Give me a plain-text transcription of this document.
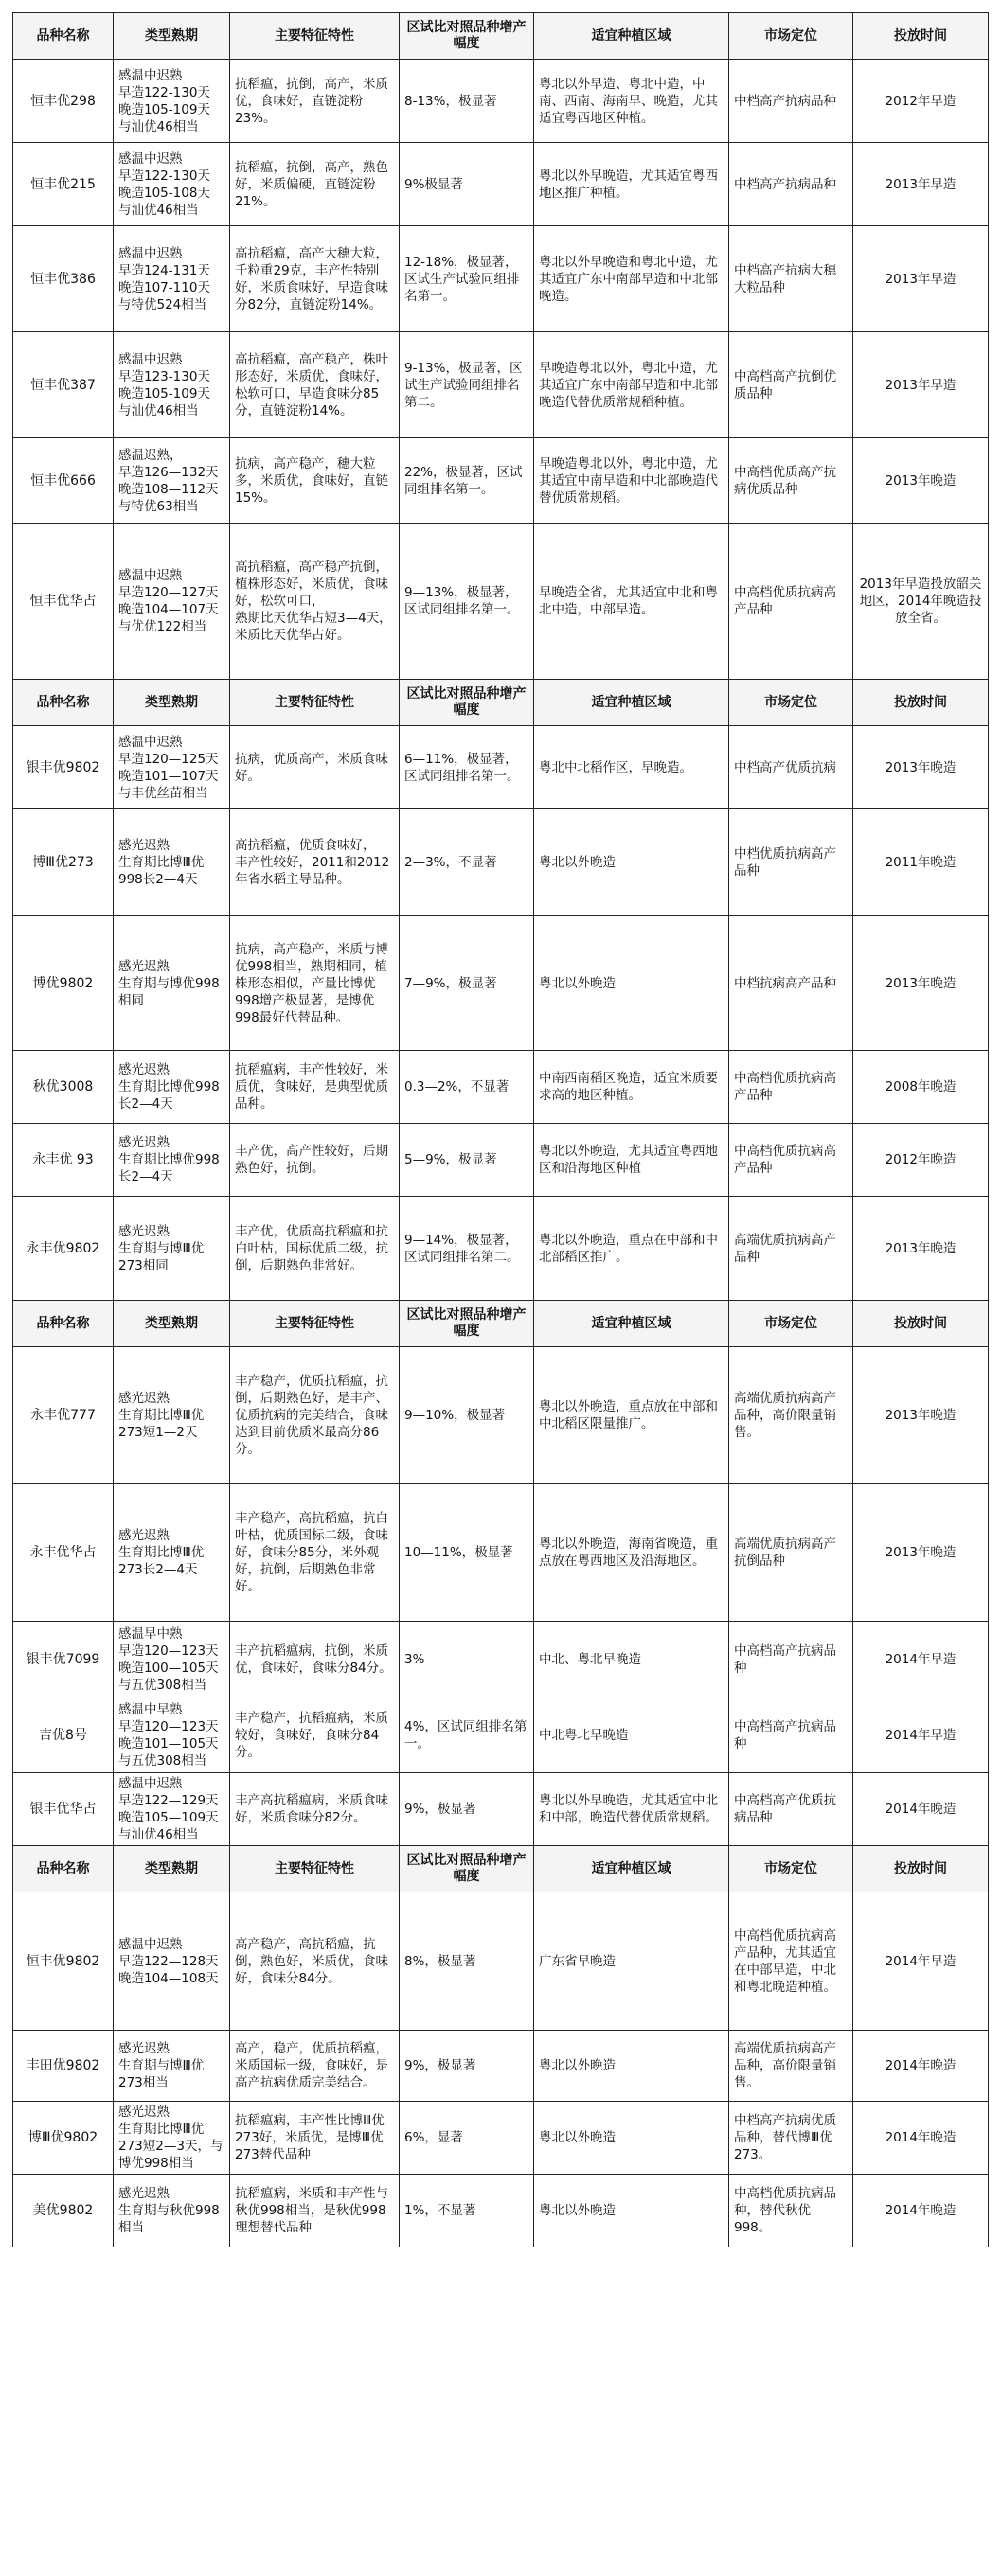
品种名称	类型熟期	主要特征特性	区试比对照品种增产幅度	适宜种植区域	市场定位	投放时间
恒丰优298	感温中迟熟
早造122-130天
晚造105-109天
与汕优46相当	抗稻瘟，抗倒，高产，米质优，食味好，直链淀粉23%。	8-13%，极显著	粤北以外早造、粤北中造，中南、西南、海南早、晚造，尤其适宜粤西地区种植。	中档高产抗病品种	2012年早造
恒丰优215	感温中迟熟
早造122-130天
晚造105-108天
与汕优46相当	抗稻瘟，抗倒，高产，熟色好，米质偏硬，直链淀粉21%。	9%极显著	粤北以外早晚造，尤其适宜粤西地区推广种植。	中档高产抗病品种	2013年早造
恒丰优386	感温中迟熟
早造124-131天
晚造107-110天
与特优524相当	高抗稻瘟，高产大穗大粒，千粒重29克，丰产性特别好，米质食味好，早造食味分82分，直链淀粉14%。	12-18%，极显著，区试生产试验同组排名第一。	粤北以外早晚造和粤北中造，尤其适宜广东中南部早造和中北部晚造。	中档高产抗病大穗大粒品种	2013年早造
恒丰优387	感温中迟熟
早造123-130天
晚造105-109天
与汕优46相当	高抗稻瘟，高产稳产，株叶形态好，米质优，食味好，松软可口，早造食味分85分，直链淀粉14%。	9-13%，极显著，区试生产试验同组排名第二。	早晚造粤北以外，粤北中造，尤其适宜广东中南部早造和中北部晚造代替优质常规稻种植。	中高档高产抗倒优质品种	2013年早造
恒丰优666	感温迟熟，
早造126—132天
晚造108—112天
与特优63相当	抗病，高产稳产，穗大粒多，米质优，食味好，直链15%。	22%，极显著，区试同组排名第一。	早晚造粤北以外，粤北中造，尤其适宜中南早造和中北部晚造代替优质常规稻。	中高档优质高产抗病优质品种	2013年晚造
恒丰优华占	感温中迟熟
早造120—127天
晚造104—107天
与优优122相当	高抗稻瘟，高产稳产抗倒，植株形态好，米质优，食味好，松软可口，
熟期比天优华占短3—4天，米质比天优华占好。	9—13%，极显著，区试同组排名第一。	早晚造全省，尤其适宜中北和粤北中造，中部早造。	中高档优质抗病高产品种	2013年早造投放韶关地区，2014年晚造投放全省。
品种名称	类型熟期	主要特征特性	区试比对照品种增产幅度	适宜种植区域	市场定位	投放时间
银丰优9802	感温中迟熟
早造120—125天
晚造101—107天
与丰优丝苗相当	抗病，优质高产，米质食味好。	6—11%，极显著，区试同组排名第一。	粤北中北稻作区，早晚造。	中档高产优质抗病	2013年晚造
博Ⅲ优273	感光迟熟
生育期比博Ⅲ优998长2—4天	高抗稻瘟，优质食味好，
丰产性较好，2011和2012年省水稻主导品种。	2—3%，不显著	粤北以外晚造	中档优质抗病高产品种	2011年晚造
博优9802	感光迟熟
生育期与博优998相同	抗病，高产稳产，米质与博优998相当，熟期相同，植株形态相似，产量比博优998增产极显著，是博优998最好代替品种。	7—9%，极显著	粤北以外晚造	中档抗病高产品种	2013年晚造
秋优3008	感光迟熟
生育期比博优998长2—4天	抗稻瘟病，丰产性较好，米质优，食味好，是典型优质品种。	0.3—2%，不显著	中南西南稻区晚造，适宜米质要求高的地区种植。	中高档优质抗病高产品种	2008年晚造
永丰优 93	感光迟熟
生育期比博优998长2—4天	丰产优，高产性较好，后期熟色好，抗倒。	5—9%，极显著	粤北以外晚造，尤其适宜粤西地区和沿海地区种植	中高档优质抗病高产品种	2012年晚造
永丰优9802	感光迟熟
生育期与博Ⅲ优273相同	丰产优，优质高抗稻瘟和抗白叶枯，国标优质二级，抗倒，后期熟色非常好。	9—14%，极显著，区试同组排名第二。	粤北以外晚造，重点在中部和中北部稻区推广。	高端优质抗病高产品种	2013年晚造
品种名称	类型熟期	主要特征特性	区试比对照品种增产幅度	适宜种植区域	市场定位	投放时间
永丰优777	感光迟熟
生育期比博Ⅲ优273短1—2天	丰产稳产，优质抗稻瘟，抗倒，后期熟色好，是丰产、优质抗病的完美结合，食味达到目前优质米最高分86分。	9—10%，极显著	粤北以外晚造，重点放在中部和中北稻区限量推广。	高端优质抗病高产品种，高价限量销售。	2013年晚造
永丰优华占	感光迟熟
生育期比博Ⅲ优273长2—4天	丰产稳产，高抗稻瘟，抗白叶枯，优质国标二级，食味好，食味分85分，米外观好，抗倒，后期熟色非常好。	10—11%，极显著	粤北以外晚造，海南省晚造，重点放在粤西地区及沿海地区。	高端优质抗病高产抗倒品种	2013年晚造
银丰优7099	感温早中熟
早造120—123天
晚造100—105天
与五优308相当	丰产抗稻瘟病，抗倒，米质优，食味好，食味分84分。	3%	中北、粤北早晚造	中高档高产抗病品种	2014年早造
吉优8号	感温中早熟
早造120—123天
晚造101—105天
与五优308相当	丰产稳产，抗稻瘟病，米质较好，食味好，食味分84分。	4%，区试同组排名第一。	中北粤北早晚造	中高档高产抗病品种	2014年早造
银丰优华占	感温中迟熟
早造122—129天
晚造105—109天
与汕优46相当	丰产高抗稻瘟病，米质食味好，米质食味分82分。	9%，极显著	粤北以外早晚造，尤其适宜中北和中部，晚造代替优质常规稻。	中高档高产优质抗病品种	2014年晚造
品种名称	类型熟期	主要特征特性	区试比对照品种增产幅度	适宜种植区域	市场定位	投放时间
恒丰优9802	感温中迟熟
早造122—128天
晚造104—108天	高产稳产，高抗稻瘟，抗倒，熟色好，米质优，食味好，食味分84分。	8%，极显著	广东省早晚造	中高档优质抗病高产品种，尤其适宜在中部早造，中北和粤北晚造种植。	2014年早造
丰田优9802	感光迟熟
生育期与博Ⅲ优273相当	高产，稳产，优质抗稻瘟，米质国标一级，食味好，是高产抗病优质完美结合。	9%，极显著	粤北以外晚造	高端优质抗病高产品种，高价限量销售。	2014年晚造
博Ⅲ优9802	感光迟熟
生育期比博Ⅲ优273短2—3天，与博优998相当	抗稻瘟病，丰产性比博Ⅲ优273好，米质优，是博Ⅲ优273替代品种	6%，显著	粤北以外晚造	中档高产抗病优质品种，替代博Ⅲ优273。	2014年晚造
美优9802	感光迟熟
生育期与秋优998相当	抗稻瘟病，米质和丰产性与秋优998相当，是秋优998理想替代品种	1%，不显著	粤北以外晚造	中高档优质抗病品种，替代秋优998。	2014年晚造
